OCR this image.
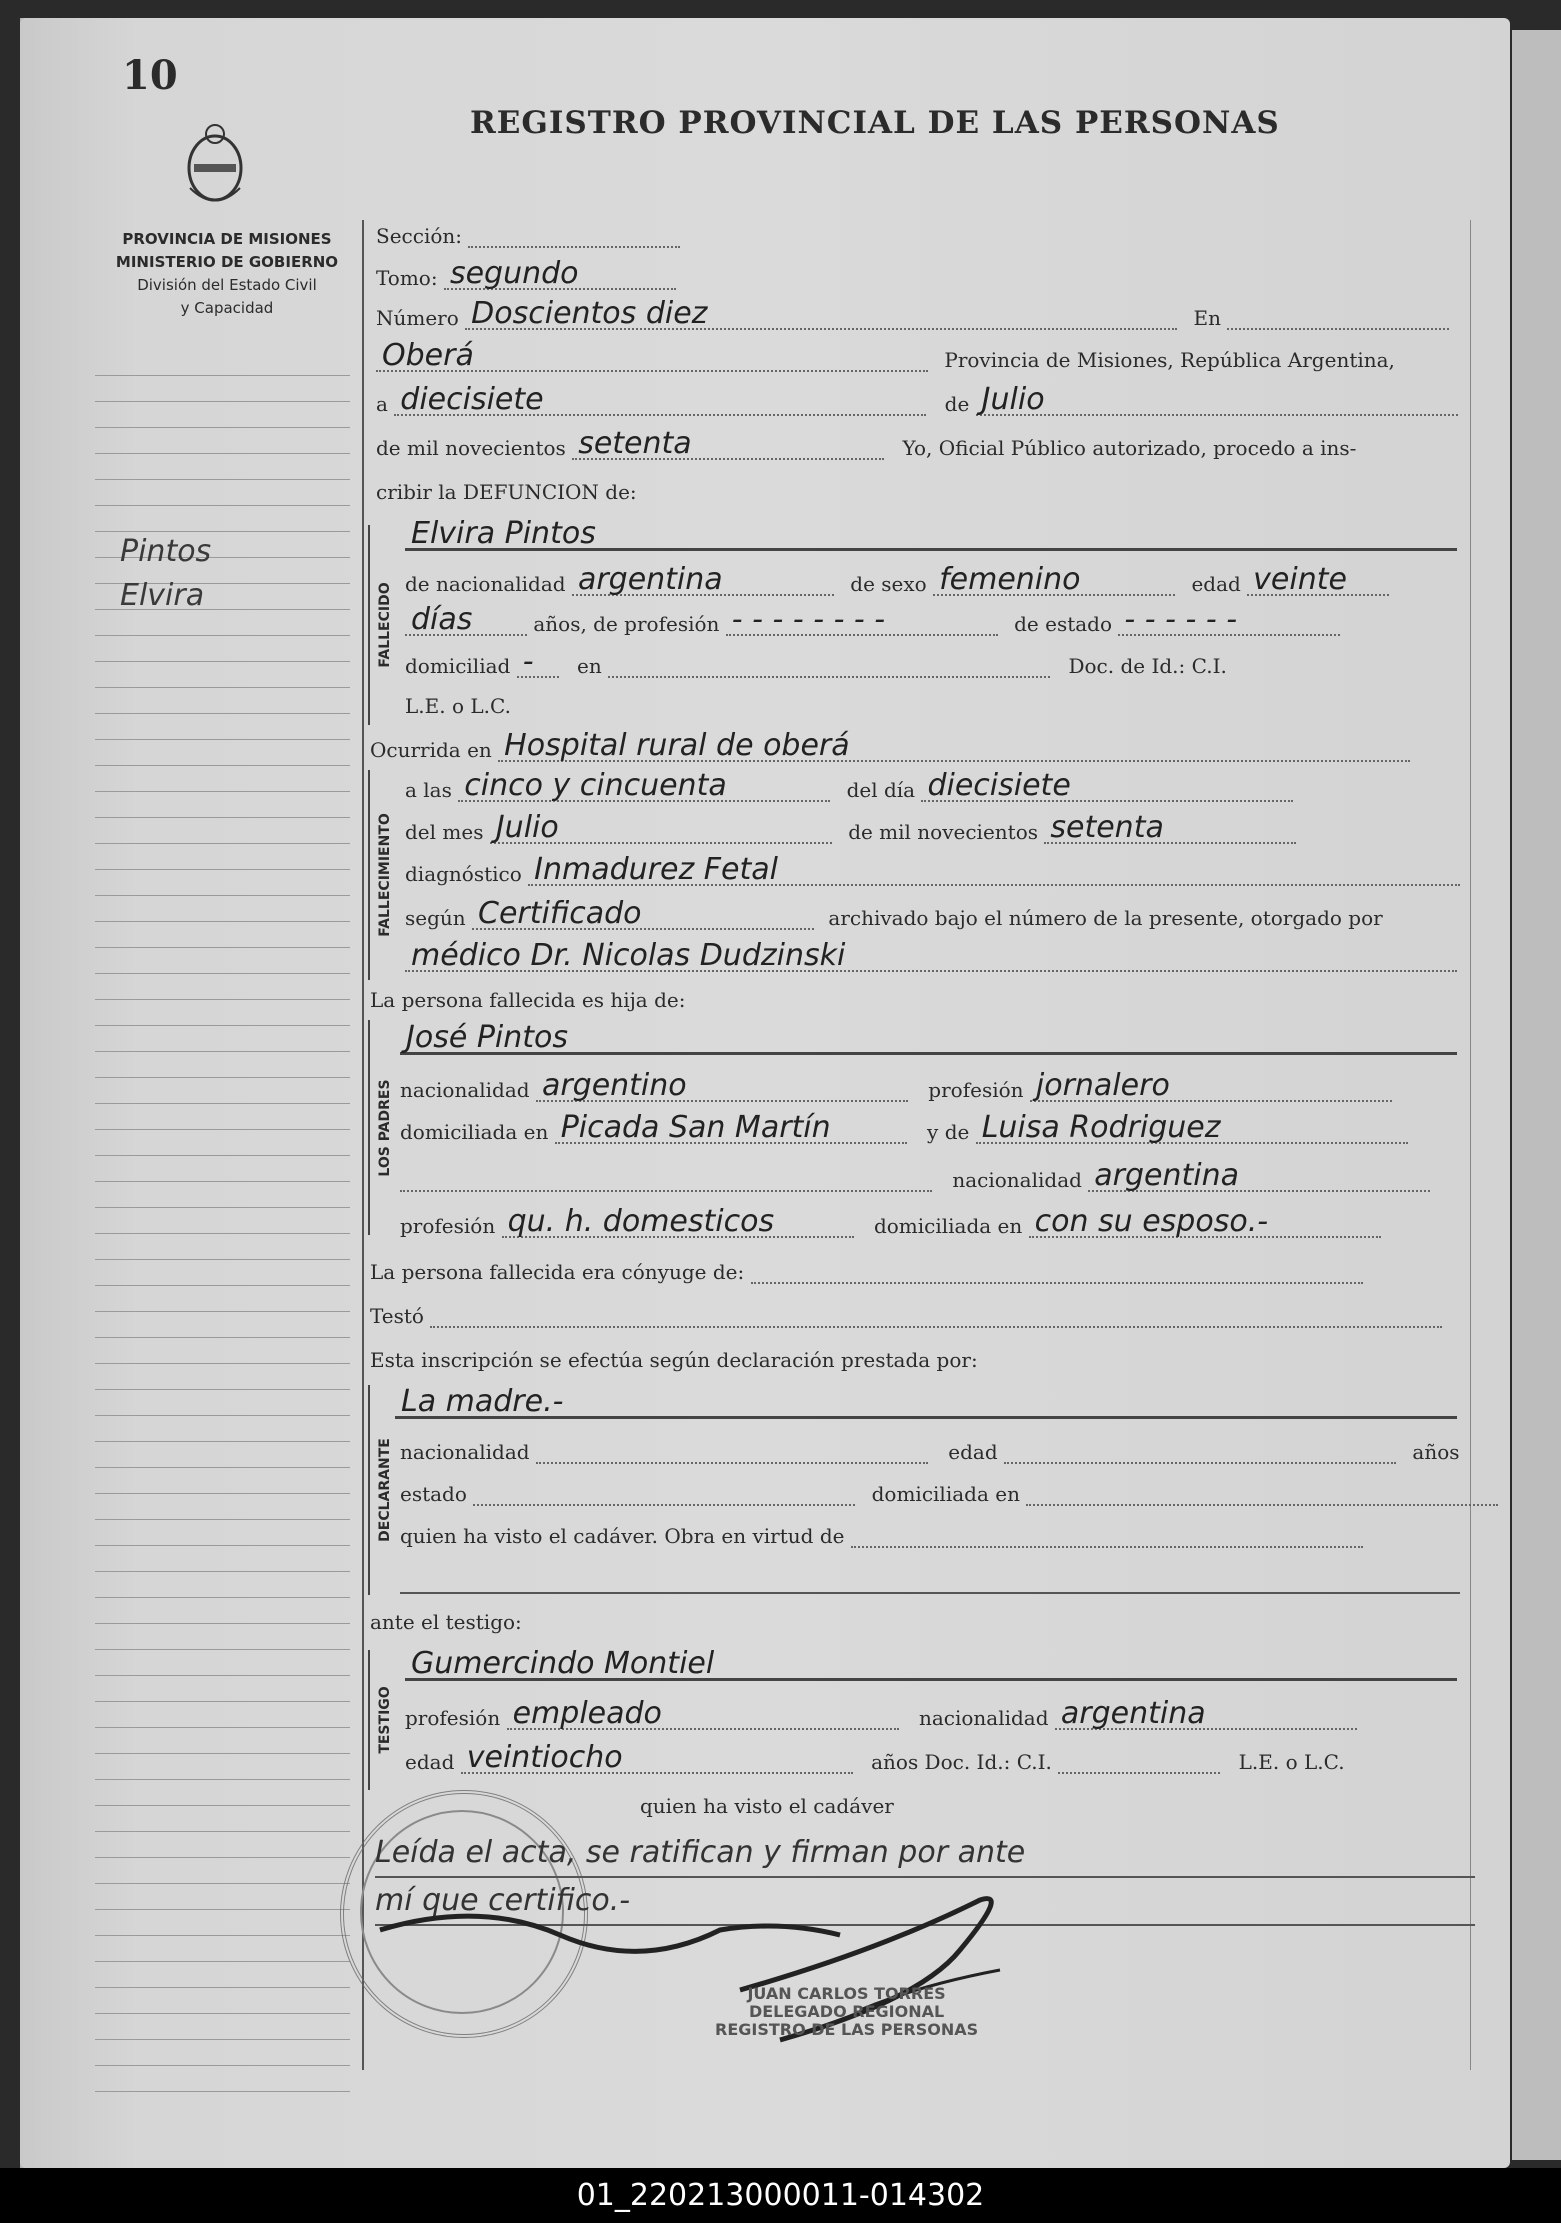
10
REGISTRO PROVINCIAL DE LAS PERSONAS
PROVINCIA DE MISIONES
MINISTERIO DE GOBIERNO
División del Estado Civil
y Capacidad
Pintos
Elvira
Sección:
Tomo: segundo
Número Doscientos diez	En
Oberá	Provincia de Misiones, República Argentina,
a diecisiete	de Julio
de mil novecientos setenta	Yo, Oficial Público autorizado, procedo a ins-
cribir la DEFUNCION de:
FALLECIDO
Elvira Pintos
de nacionalidad argentina	de sexo femenino	edad veinte
días	años, de profesión - - - - - - - -	de estado - - - - - -
domiciliad - en	Doc. de Id.: C.I.
L.E. o L.C.
Ocurrida en Hospital rural de oberá
FALLECIMIENTO
a las cinco y cincuenta	del día diecisiete
del mes Julio	de mil novecientos setenta
diagnóstico Inmadurez Fetal
según Certificado	archivado bajo el número de la presente, otorgado por
médico Dr. Nicolas Dudzinski
La persona fallecida es hija de:
LOS PADRES
José Pintos
nacionalidad argentino	profesión jornalero
domiciliada en Picada San Martín	y de Luisa Rodriguez
nacionalidad argentina
profesión qu. h. domesticos	domiciliada en con su esposo.-
La persona fallecida era cónyuge de:
Testó
Esta inscripción se efectúa según declaración prestada por:
DECLARANTE
La madre.-
nacionalidad	edad	años
estado	domiciliada en
quien ha visto el cadáver. Obra en virtud de
ante el testigo:
TESTIGO
Gumercindo Montiel
profesión empleado	nacionalidad argentina
edad veintiocho	años Doc. Id.: C.I.	L.E. o L.C.
quien ha visto el cadáver
Leída el acta, se ratifican y firman por ante
mí que certifico.-
JUAN CARLOS TORRES
DELEGADO REGIONAL
REGISTRO DE LAS PERSONAS
01_220213000011-014302
